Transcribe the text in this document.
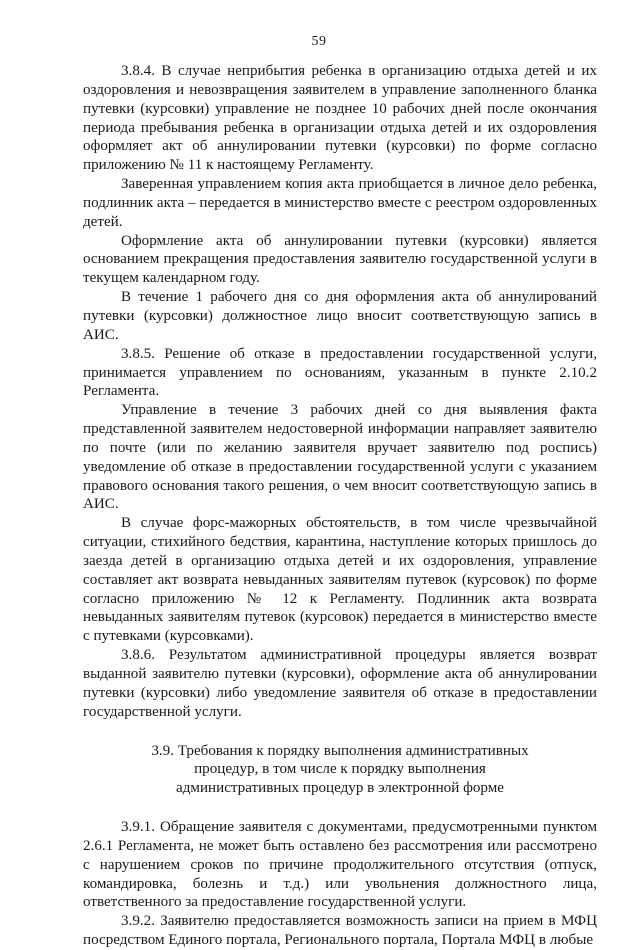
59

3.8.4. В случае неприбытия ребенка в организацию отдыха детей и их оздоровления и невозвращения заявителем в управление заполненного бланка путевки (курсовки) управление не позднее 10 рабочих дней после окончания периода пребывания ребенка в организации отдыха детей и их оздоровления оформляет акт об аннулировании путевки (курсовки) по форме согласно приложению № 11 к настоящему Регламенту.

Заверенная управлением копия акта приобщается в личное дело ребенка, подлинник акта – передается в министерство вместе с реестром оздоровленных детей.

Оформление акта об аннулировании путевки (курсовки) является основанием прекращения предоставления заявителю государственной услуги в текущем календарном году.

В течение 1 рабочего дня со дня оформления акта об аннулирований путевки (курсовки) должностное лицо вносит соответствующую запись в АИС.

3.8.5. Решение об отказе в предоставлении государственной услуги, принимается управлением по основаниям, указанным в пункте 2.10.2 Регламента.

Управление в течение 3 рабочих дней со дня выявления факта представленной заявителем недостоверной информации направляет заявителю по почте (или по желанию заявителя вручает заявителю под роспись) уведомление об отказе в предоставлении государственной услуги с указанием правового основания такого решения, о чем вносит соответствующую запись в АИС.

В случае форс-мажорных обстоятельств, в том числе чрезвычайной ситуации, стихийного бедствия, карантина, наступление которых пришлось до заезда детей в организацию отдыха детей и их оздоровления, управление составляет акт возврата невыданных заявителям путевок (курсовок) по форме согласно приложению № 12 к Регламенту. Подлинник акта возврата невыданных заявителям путевок (курсовок) передается в министерство вместе с путевками (курсовками).

3.8.6. Результатом административной процедуры является возврат выданной заявителю путевки (курсовки), оформление акта об аннулировании путевки (курсовки) либо уведомление заявителя об отказе в предоставлении государственной услуги.

3.9. Требования к порядку выполнения административных
процедур, в том числе к порядку выполнения
административных процедур в электронной форме

3.9.1. Обращение заявителя с документами, предусмотренными пунктом 2.6.1 Регламента, не может быть оставлено без рассмотрения или рассмотрено с нарушением сроков по причине продолжительного отсутствия (отпуск, командировка, болезнь и т.д.) или увольнения должностного лица, ответственного за предоставление государственной услуги.

3.9.2. Заявителю предоставляется возможность записи на прием в МФЦ посредством Единого портала, Регионального портала, Портала МФЦ в любые
